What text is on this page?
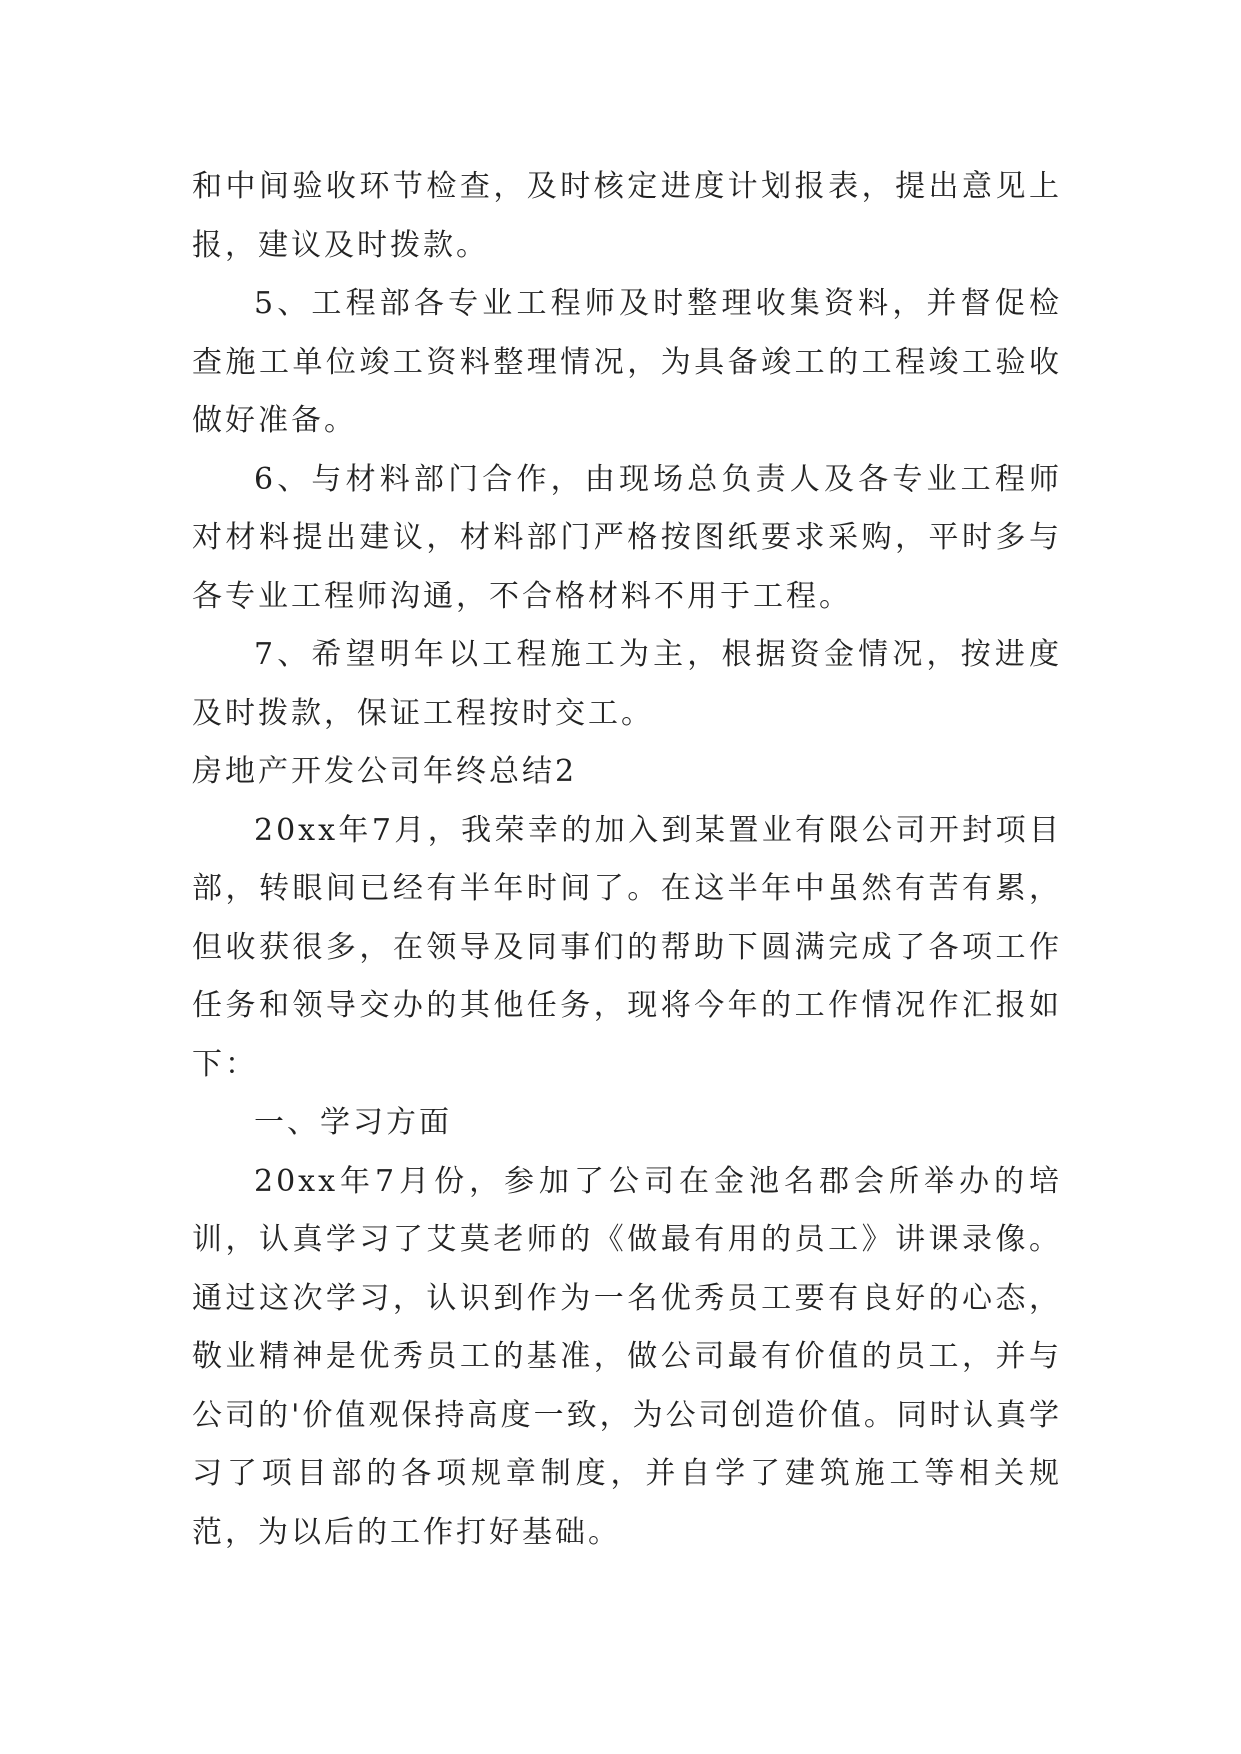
和中间验收环节检查，及时核定进度计划报表，提出意见上报，建议及时拨款。

5、工程部各专业工程师及时整理收集资料，并督促检查施工单位竣工资料整理情况，为具备竣工的工程竣工验收做好准备。

6、与材料部门合作，由现场总负责人及各专业工程师对材料提出建议，材料部门严格按图纸要求采购，平时多与各专业工程师沟通，不合格材料不用于工程。

7、希望明年以工程施工为主，根据资金情况，按进度及时拨款，保证工程按时交工。

房地产开发公司年终总结2

20xx年7月，我荣幸的加入到某置业有限公司开封项目部，转眼间已经有半年时间了。在这半年中虽然有苦有累，但收获很多，在领导及同事们的帮助下圆满完成了各项工作任务和领导交办的其他任务，现将今年的工作情况作汇报如下：

一、学习方面

20xx年7月份，参加了公司在金池名郡会所举办的培训，认真学习了艾莫老师的《做最有用的员工》讲课录像。通过这次学习，认识到作为一名优秀员工要有良好的心态，敬业精神是优秀员工的基准，做公司最有价值的员工，并与公司的'价值观保持高度一致，为公司创造价值。同时认真学习了项目部的各项规章制度，并自学了建筑施工等相关规范，为以后的工作打好基础。
